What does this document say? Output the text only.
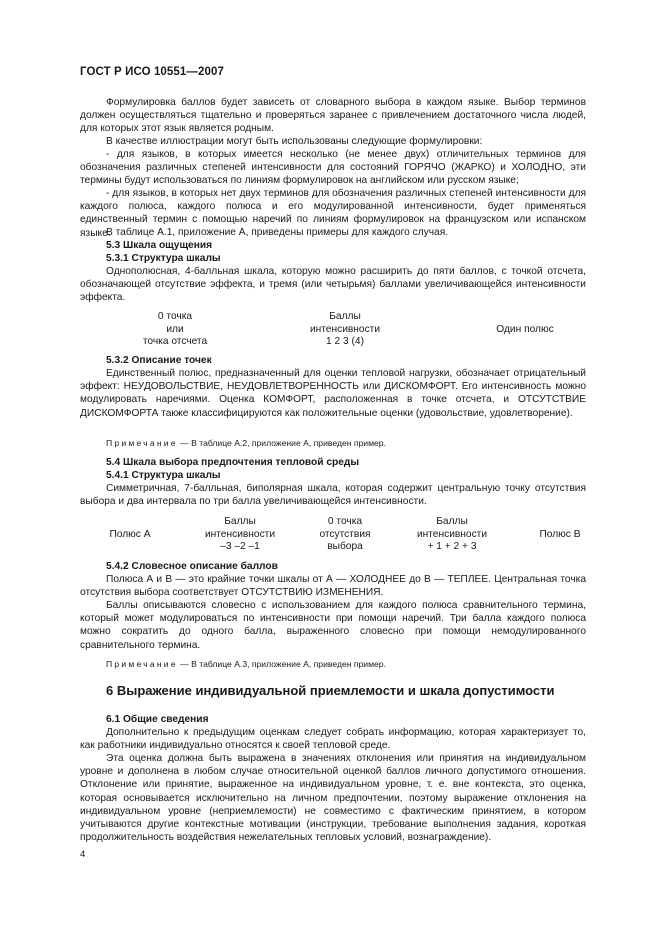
ГОСТ Р ИСО 10551—2007

Формулировка баллов будет зависеть от словарного выбора в каждом языке. Выбор терминов должен осуществляться тщательно и проверяться заранее с привлечением достаточного числа людей, для которых этот язык является родным.

В качестве иллюстрации могут быть использованы следующие формулировки:

- для языков, в которых имеется несколько (не менее двух) отличительных терминов для обозначения различных степеней интенсивности для состояний ГОРЯЧО (ЖАРКО) и ХОЛОДНО, эти термины будут использоваться по линиям формулировок на английском или русском языке;

- для языков, в которых нет двух терминов для обозначения различных степеней интенсивности для каждого полюса, каждого полюса и его модулированной интенсивности, будет применяться единственный термин с помощью наречий по линиям формулировок на французском или испанском языке.

В таблице А.1, приложение А, приведены примеры для каждого случая.

5.3 Шкала ощущения
5.3.1 Структура шкалы

Однополюсная, 4-балльная шкала, которую можно расширить до пяти баллов, с точкой отсчета, обозначающей отсутствие эффекта, и тремя (или четырьмя) баллами увеличивающейся интенсивности эффекта.

0 точка
или
точка отсчета
Баллы
интенсивности
1 2 3 (4)
Один полюс
5.3.2 Описание точек

Единственный полюс, предназначенный для оценки тепловой нагрузки, обозначает отрицательный эффект: НЕУДОВОЛЬСТВИЕ, НЕУДОВЛЕТВОРЕННОСТЬ или ДИСКОМФОРТ. Его интенсивность можно модулировать наречиями. Оценка КОМФОРТ, расположенная в точке отсчета, и ОТСУТСТВИЕ ДИСКОМФОРТА также классифицируются как положительные оценки (удовольствие, удовлетворение).

Примечание — В таблице А.2, приложение А, приведен пример.
5.4 Шкала выбора предпочтения тепловой среды
5.4.1 Структура шкалы

Симметричная, 7-балльная, биполярная шкала, которая содержит центральную точку отсутствия выбора и два интервала по три балла увеличивающейся интенсивности.

Полюс А
Баллы
интенсивности
–3 –2 –1
0 точка
отсутствия
выбора
Баллы
интенсивности
+ 1 + 2 + 3
Полюс В
5.4.2 Словесное описание баллов

Полюса А и В — это крайние точки шкалы от А — ХОЛОДНЕЕ до В — ТЕПЛЕЕ. Центральная точка отсутствия выбора соответствует ОТСУТСТВИЮ ИЗМЕНЕНИЯ.

Баллы описываются словесно с использованием для каждого полюса сравнительного термина, который может модулироваться по интенсивности при помощи наречий. Три балла каждого полюса можно сократить до одного балла, выраженного словесно при помощи немодулированного сравнительного термина.

Примечание — В таблице А.3, приложение А, приведен пример.
6 Выражение индивидуальной приемлемости и шкала допустимости
6.1 Общие сведения

Дополнительно к предыдущим оценкам следует собрать информацию, которая характеризует то, как работники индивидуально относятся к своей тепловой среде.

Эта оценка должна быть выражена в значениях отклонения или принятия на индивидуальном уровне и дополнена в любом случае относительной оценкой баллов личного допустимого отношения. Отклонение или принятие, выраженное на индивидуальном уровне, т. е. вне контекста, это оценка, которая основывается исключительно на личном предпочтении, поэтому выражение отклонения на индивидуальном уровне (неприемлемости) не совместимо с фактическим принятием, в котором учитываются другие контекстные мотивации (инструкции, требование выполнения задания, короткая продолжительность воздействия нежелательных тепловых условий, вознаграждение).

4
